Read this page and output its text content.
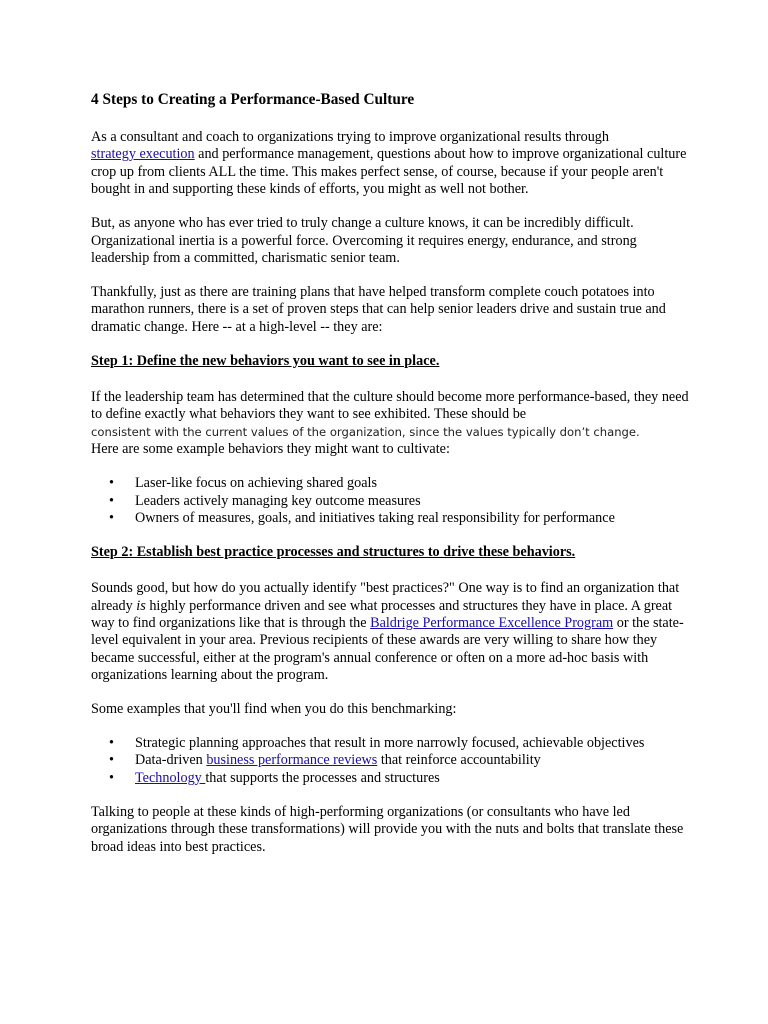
4 Steps to Creating a Performance-Based Culture

As a consultant and coach to organizations trying to improve organizational results through
strategy execution and performance management, questions about how to improve organizational culture crop up from clients ALL the time. This makes perfect sense, of course, because if your people aren't bought in and supporting these kinds of efforts, you might as well not bother.

But, as anyone who has ever tried to truly change a culture knows, it can be incredibly difficult. Organizational inertia is a powerful force. Overcoming it requires energy, endurance, and strong leadership from a committed, charismatic senior team.

Thankfully, just as there are training plans that have helped transform complete couch potatoes into marathon runners, there is a set of proven steps that can help senior leaders drive and sustain true and dramatic change. Here -- at a high-level -- they are:

Step 1: Define the new behaviors you want to see in place.

If the leadership team has determined that the culture should become more performance-based, they need to define exactly what behaviors they want to see exhibited. These should be
consistent with the current values of the organization, since the values typically don’t change.
Here are some example behaviors they might want to cultivate:

• Laser-like focus on achieving shared goals
• Leaders actively managing key outcome measures
• Owners of measures, goals, and initiatives taking real responsibility for performance

Step 2: Establish best practice processes and structures to drive these behaviors.

Sounds good, but how do you actually identify "best practices?" One way is to find an organization that already is highly performance driven and see what processes and structures they have in place. A great way to find organizations like that is through the Baldrige Performance Excellence Program or the state-level equivalent in your area. Previous recipients of these awards are very willing to share how they became successful, either at the program's annual conference or often on a more ad-hoc basis with organizations learning about the program.

Some examples that you'll find when you do this benchmarking:

• Strategic planning approaches that result in more narrowly focused, achievable objectives
• Data-driven business performance reviews that reinforce accountability
• Technology that supports the processes and structures

Talking to people at these kinds of high-performing organizations (or consultants who have led organizations through these transformations) will provide you with the nuts and bolts that translate these broad ideas into best practices.
